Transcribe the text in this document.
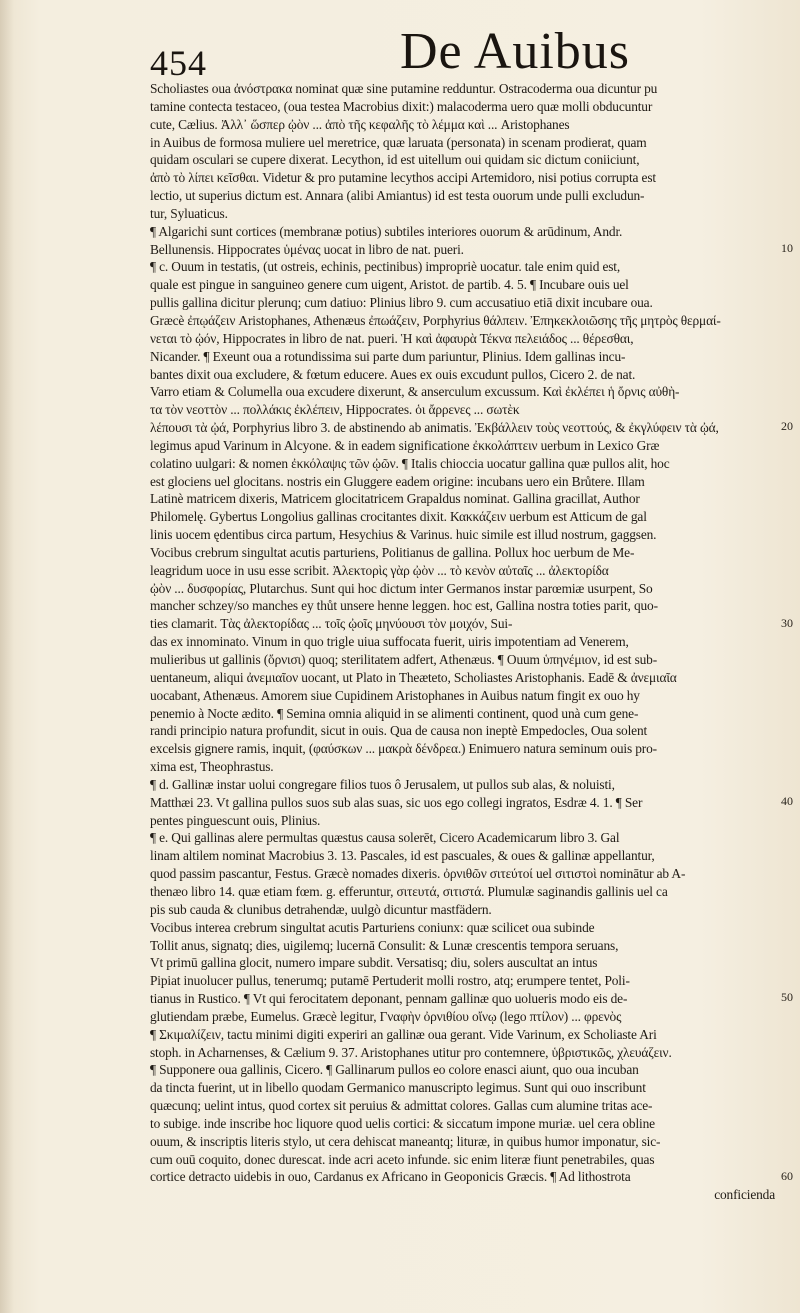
454	De Auibus
Scholiastes oua ἀνόστρακα nominat quæ sine putamine redduntur. Ostracoderma oua dicuntur pu
tamine contecta testaceo, (oua testea Macrobius dixit:) malacoderma uero quæ molli obducuntur
cute, Cælius. Ἀλλ᾽ ὥσπερ ᾠὸν ... ἀπὸ τῆς κεφαλῆς τὸ λέμμα καὶ ... Aristophanes
in Auibus de formosa muliere uel meretrice, quæ laruata (personata) in scenam prodierat, quam
quidam osculari se cupere dixerat. Lecython, id est uitellum oui quidam sic dictum coniiciunt,
ἀπὸ τὸ λίπει κεῖσθαι. Videtur & pro putamine lecythos accipi Artemidoro, nisi potius corrupta est
lectio, ut superius dictum est. Annara (alibi Amiantus) id est testa ouorum unde pulli excludun-
tur, Syluaticus.
¶ Algarichi sunt cortices (membranæ potius) subtiles interiores ouorum & arūdinum, Andr.
Bellunensis. Hippocrates ὑμένας uocat in libro de nat. pueri.
¶ c. Ouum in testatis, (ut ostreis, echinis, pectinibus) impropriè uocatur. tale enim quid est,
quale est pingue in sanguineo genere cum uigent, Aristot. de partib. 4. 5. ¶ Incubare ouis uel
pullis gallina dicitur plerunq; cum datiuo: Plinius libro 9. cum accusatiuo etiā dixit incubare oua.
Græcè ἐπῳάζειν Aristophanes, Athenæus ἐπωάζειν, Porphyrius θάλπειν. Ἐπηκεκλοιῶσης τῆς μητρὸς θερμαί-
νεται τὸ ᾠόν, Hippocrates in libro de nat. pueri. Ἡ καὶ ἀφαυρὰ Τέκνα πελειάδος ... θέρεσθαι,
Nicander. ¶ Exeunt oua a rotundissima sui parte dum pariuntur, Plinius. Idem gallinas incu-
bantes dixit oua excludere, & fœtum educere. Aues ex ouis excudunt pullos, Cicero 2. de nat.
Varro etiam & Columella oua excudere dixerunt, & anserculum excussum. Καὶ ἐκλέπει ἡ ὄρνις αὐθὴ-
τα τὸν νεοττὸν ... πολλάκις ἐκλέπειν, Hippocrates. ὁι ἄρρενες ... σωτὲκ
λέπουσι τὰ ᾠά, Porphyrius libro 3. de abstinendo ab animatis. Ἐκβάλλειν τοὺς νεοττούς, & ἐκγλύφειν τὰ ᾠά,
legimus apud Varinum in Alcyone. & in eadem significatione ἐκκολάπτειν uerbum in Lexico Græ
colatino uulgari: & nomen ἐκκόλαψις τῶν ᾠῶν. ¶ Italis chioccia uocatur gallina quæ pullos alit, hoc
est glociens uel glocitans. nostris ein Gluggere eadem origine: incubans uero ein Brůtere. Illam
Latinè matricem dixeris, Matricem glocitatricem Grapaldus nominat. Gallina gracillat, Author
Philomelę. Gybertus Longolius gallinas crocitantes dixit. Κακκάζειν uerbum est Atticum de gal
linis uocem ędentibus circa partum, Hesychius & Varinus. huic simile est illud nostrum, gaggsen.
Vocibus crebrum singultat acutis parturiens, Politianus de gallina. Pollux hoc uerbum de Me-
leagridum uoce in usu esse scribit. Ἀλεκτορὶς γὰρ ᾠὸν ... τὸ κενὸν αὐταῖς ... ἀλεκτορίδα
ᾠὸν ... δυσφορίας, Plutarchus. Sunt qui hoc dictum inter Germanos instar parœmiæ usurpent, So
mancher schzey/so manches ey thůt unsere henne leggen. hoc est, Gallina nostra toties parit, quo-
ties clamarit. Τὰς ἀλεκτορίδας ... τοῖς ᾠοῖς μηνύουσι τὸν μοιχόν, Sui-
das ex innominato. Vinum in quo trigle uiua suffocata fuerit, uiris impotentiam ad Venerem,
mulieribus ut gallinis (ὄρνισι) quoq; sterilitatem adfert, Athenæus. ¶ Ouum ὑπηνέμιον, id est sub-
uentaneum, aliqui ἀνεμιαῖον uocant, ut Plato in Theæteto, Scholiastes Aristophanis. Eadē & ἀνεμιαῖα
uocabant, Athenæus. Amorem siue Cupidinem Aristophanes in Auibus natum fingit ex ouo hy
penemio à Nocte ædito. ¶ Semina omnia aliquid in se alimenti continent, quod unà cum gene-
randi principio natura profundit, sicut in ouis. Qua de causa non ineptè Empedocles, Oua solent
excelsis gignere ramis, inquit, (φαύσκων ... μακρὰ δένδρεα.) Enimuero natura seminum ouis pro-
xima est, Theophrastus.
¶ d. Gallinæ instar uolui congregare filios tuos ô Jerusalem, ut pullos sub alas, & noluisti,
Matthæi 23. Vt gallina pullos suos sub alas suas, sic uos ego collegi ingratos, Esdræ 4. 1. ¶ Ser
pentes pinguescunt ouis, Plinius.
¶ e. Qui gallinas alere permultas quæstus causa solerēt, Cicero Academicarum libro 3. Gal
linam altilem nominat Macrobius 3. 13. Pascales, id est pascuales, & oues & gallinæ appellantur,
quod passim pascantur, Festus. Græcè nomades dixeris. ὀρνιθῶν σιτεύτοί uel σιτιστοὶ nominātur ab A-
thenæo libro 14. quæ etiam fœm. g. efferuntur, σιτευτά, σιτιστά. Plumulæ saginandis gallinis uel ca
pis sub cauda & clunibus detrahendæ, uulgò dicuntur mastfädern.
Vocibus interea crebrum singultat acutis Parturiens coniunx: quæ scilicet oua subinde
Tollit anus, signatq; dies, uigilemq; lucernā Consulit: & Lunæ crescentis tempora seruans,
Vt primū gallina glocit, numero impare subdit. Versatisq; diu, solers auscultat an intus
Pipiat inuolucer pullus, tenerumq; putamē Pertuderit molli rostro, atq; erumpere tentet, Poli-
tianus in Rustico. ¶ Vt qui ferocitatem deponant, pennam gallinæ quo uolueris modo eis de-
glutiendam præbe, Eumelus. Græcè legitur, Γναφὴν ὀρνιθίου οἴνῳ (lego πτίλον) ... φρενὸς
¶ Σκιμαλίζειν, tactu minimi digiti experiri an gallinæ oua gerant. Vide Varinum, ex Scholiaste Ari
stoph. in Acharnenses, & Cælium 9. 37. Aristophanes utitur pro contemnere, ὑβριστικῶς, χλευάζειν.
¶ Supponere oua gallinis, Cicero. ¶ Gallinarum pullos eo colore enasci aiunt, quo oua incuban
da tincta fuerint, ut in libello quodam Germanico manuscripto legimus. Sunt qui ouo inscribunt
quæcunq; uelint intus, quod cortex sit peruius & admittat colores. Gallas cum alumine tritas ace-
to subige. inde inscribe hoc liquore quod uelis cortici: & siccatum impone muriæ. uel cera obline
ouum, & inscriptis literis stylo, ut cera dehiscat maneantq; lituræ, in quibus humor imponatur, sic-
cum ouū coquito, donec durescat. inde acri aceto infunde. sic enim literæ fiunt penetrabiles, quas
cortice detracto uidebis in ouo, Cardanus ex Africano in Geoponicis Græcis. ¶ Ad lithostrota
conficienda
10
20
30
40
50
60
